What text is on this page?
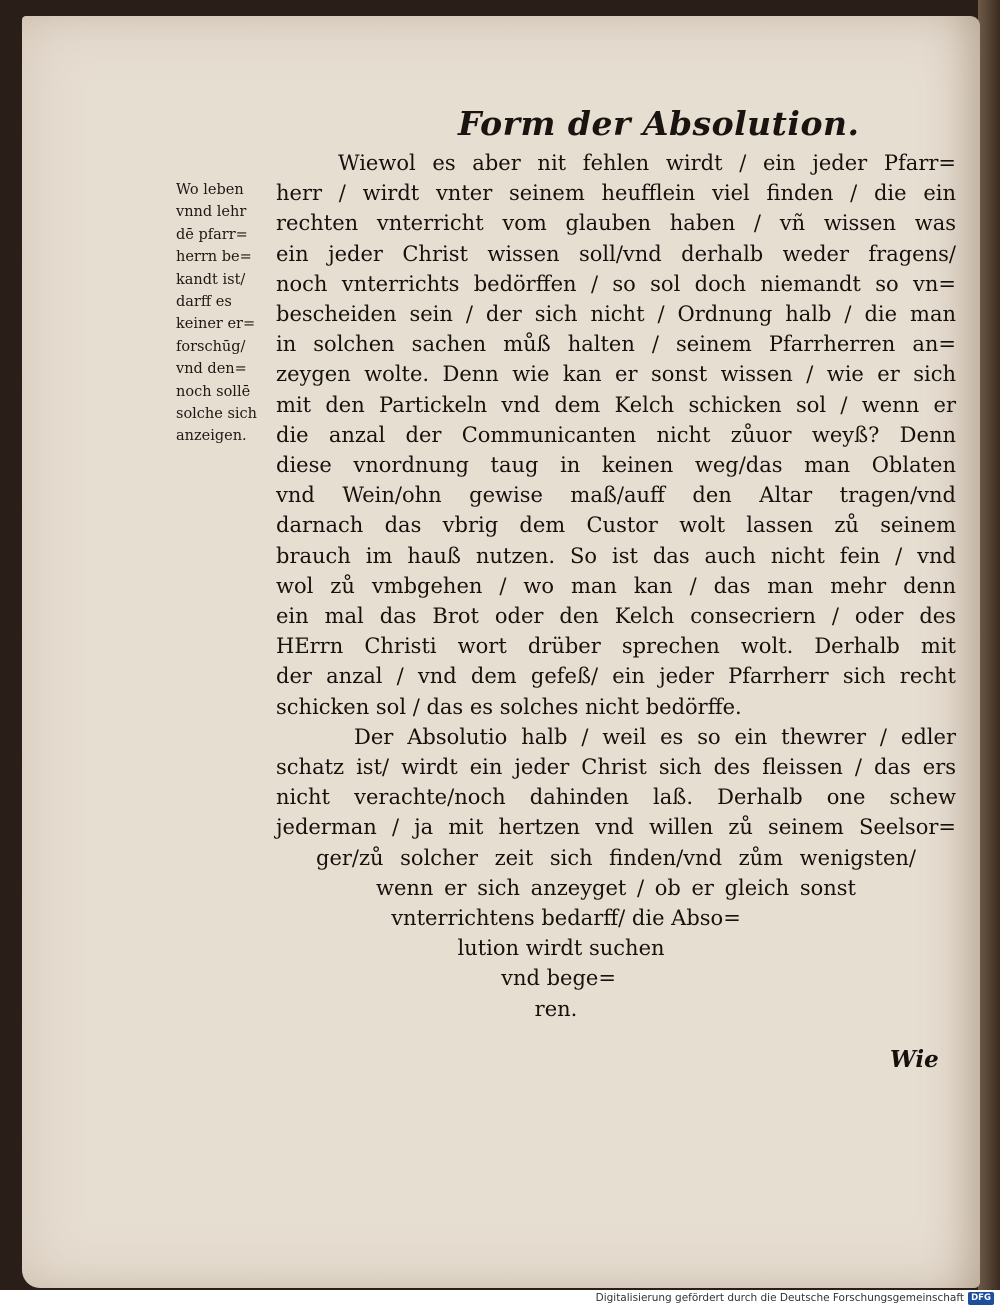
Form der Absolution.
Wo leben
vnnd lehr
dē pfarr=
herrn be=
kandt ist/
darff es
keiner er=
forschūg/
vnd den=
noch sollē
solche sich
anzeigen.
Wiewol es aber nit fehlen wirdt / ein jeder Pfarr=
herr / wirdt vnter seinem heufflein viel finden / die ein
rechten vnterricht vom glauben haben / vñ wissen was
ein jeder Christ wissen soll/vnd derhalb weder fragens/
noch vnterrichts bedörffen / so sol doch niemandt so vn=
bescheiden sein / der sich nicht / Ordnung halb / die man
in solchen sachen můß halten / seinem Pfarrherren an=
zeygen wolte. Denn wie kan er sonst wissen / wie er sich
mit den Partickeln vnd dem Kelch schicken sol / wenn er
die anzal der Communicanten nicht zůuor weyß? Denn
diese vnordnung taug in keinen weg/das man Oblaten
vnd Wein/ohn gewise maß/auff den Altar tragen/vnd
darnach das vbrig dem Custor wolt lassen zů seinem
brauch im hauß nutzen. So ist das auch nicht fein / vnd
wol zů vmbgehen / wo man kan / das man mehr denn
ein mal das Brot oder den Kelch consecriern / oder des
HErrn Christi wort drüber sprechen wolt. Derhalb mit
der anzal / vnd dem gefeß/ ein jeder Pfarrherr sich recht
schicken sol / das es solches nicht bedörffe.
Der Absolutio halb / weil es so ein thewrer / edler
schatz ist/ wirdt ein jeder Christ sich des fleissen / das ers
nicht verachte/noch dahinden laß. Derhalb one schew
jederman / ja mit hertzen vnd willen zů seinem Seelsor=
ger/zů solcher zeit sich finden/vnd zům wenigsten/
wenn er sich anzeyget / ob er gleich sonst
vnterrichtens bedarff/ die Abso=
lution wirdt suchen
vnd bege=
ren.
Wie
Digitalisierung gefördert durch die Deutsche Forschungsgemeinschaft DFG
